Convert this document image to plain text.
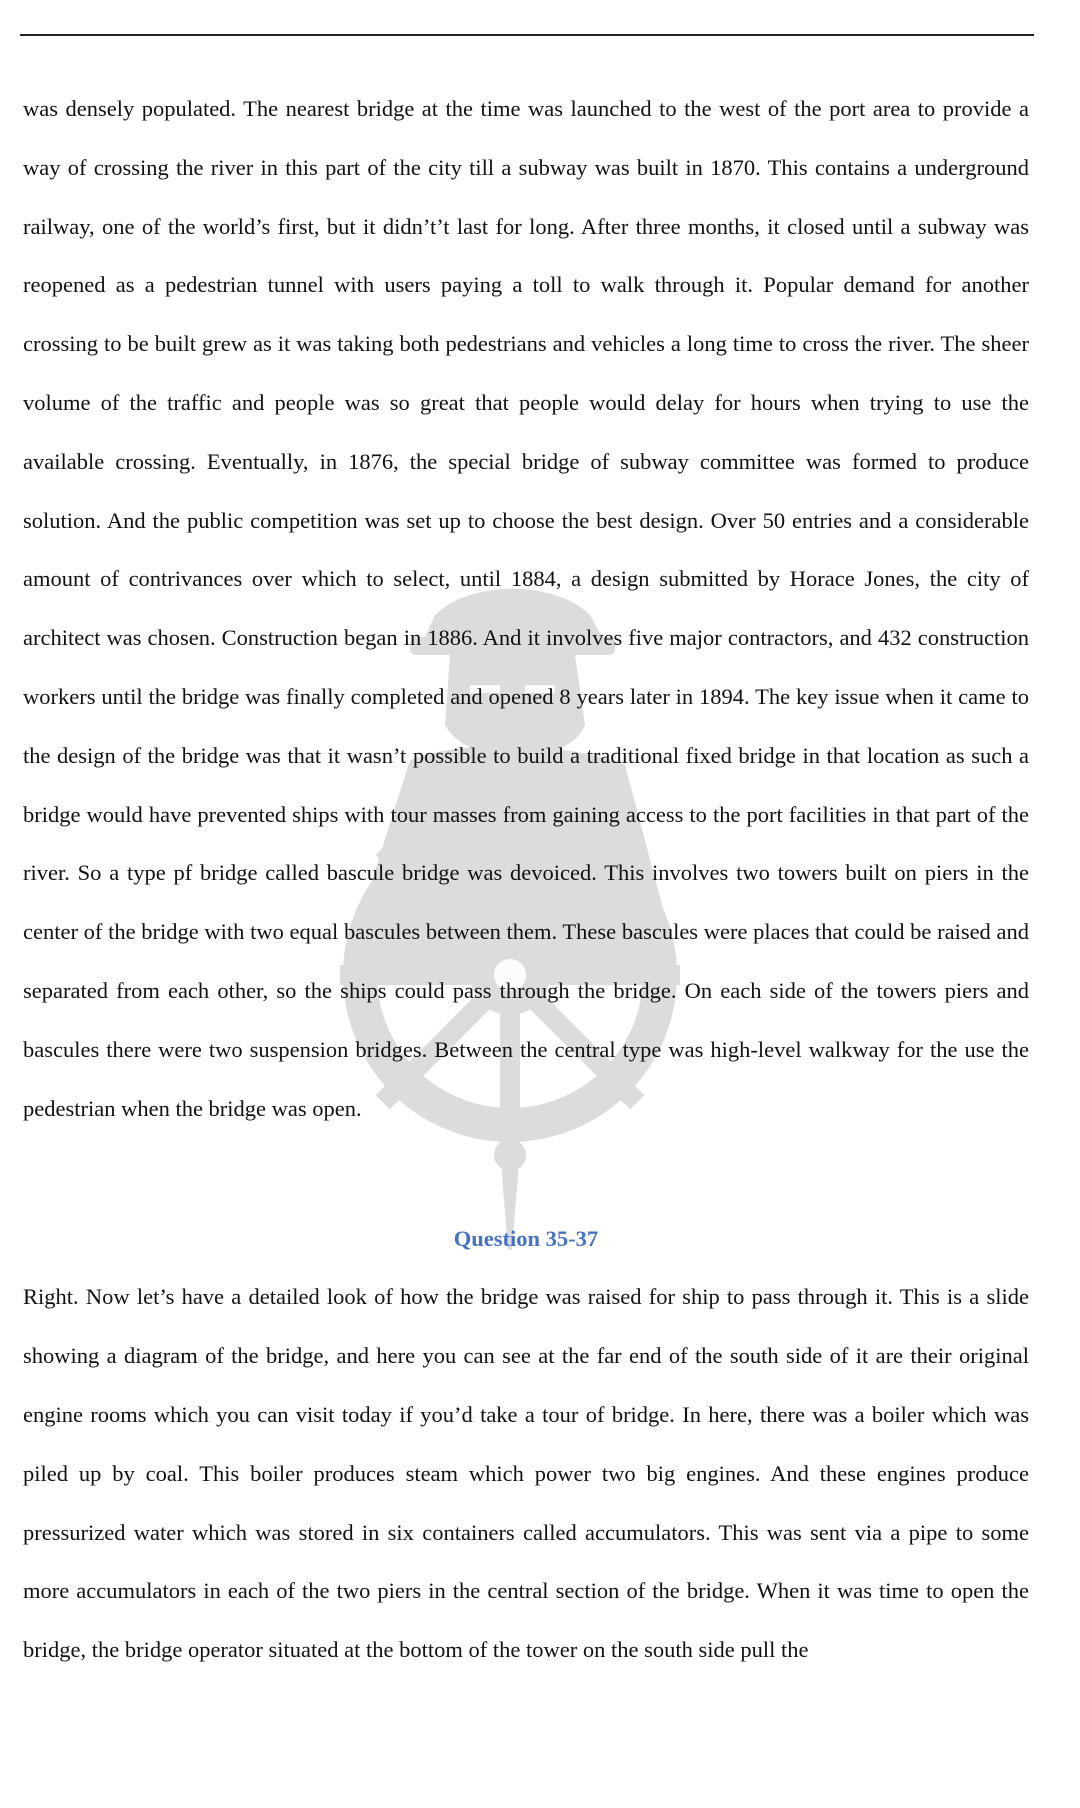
was densely populated. The nearest bridge at the time was launched to the west of the port area to provide a way of crossing the river in this part of the city till a subway was built in 1870. This contains a underground railway, one of the world’s first, but it didn’t’t last for long. After three months, it closed until a subway was reopened as a pedestrian tunnel with users paying a toll to walk through it. Popular demand for another crossing to be built grew as it was taking both pedestrians and vehicles a long time to cross the river. The sheer volume of the traffic and people was so great that people would delay for hours when trying to use the available crossing. Eventually, in 1876, the special bridge of subway committee was formed to produce solution. And the public competition was set up to choose the best design. Over 50 entries and a considerable amount of contrivances over which to select, until 1884, a design submitted by Horace Jones, the city of architect was chosen. Construction began in 1886. And it involves five major contractors, and 432 construction workers until the bridge was finally completed and opened 8 years later in 1894. The key issue when it came to the design of the bridge was that it wasn’t possible to build a traditional fixed bridge in that location as such a bridge would have prevented ships with tour masses from gaining access to the port facilities in that part of the river. So a type pf bridge called bascule bridge was devoiced. This involves two towers built on piers in the center of the bridge with two equal bascules between them. These bascules were places that could be raised and separated from each other, so the ships could pass through the bridge. On each side of the towers piers and bascules there were two suspension bridges. Between the central type was high-level walkway for the use the pedestrian when the bridge was open.

Question 35-37

Right. Now let’s have a detailed look of how the bridge was raised for ship to pass through it. This is a slide showing a diagram of the bridge, and here you can see at the far end of the south side of it are their original engine rooms which you can visit today if you’d take a tour of bridge. In here, there was a boiler which was piled up by coal. This boiler produces steam which power two big engines. And these engines produce pressurized water which was stored in six containers called accumulators. This was sent via a pipe to some more accumulators in each of the two piers in the central section of the bridge. When it was time to open the bridge, the bridge operator situated at the bottom of the tower on the south side pull the
